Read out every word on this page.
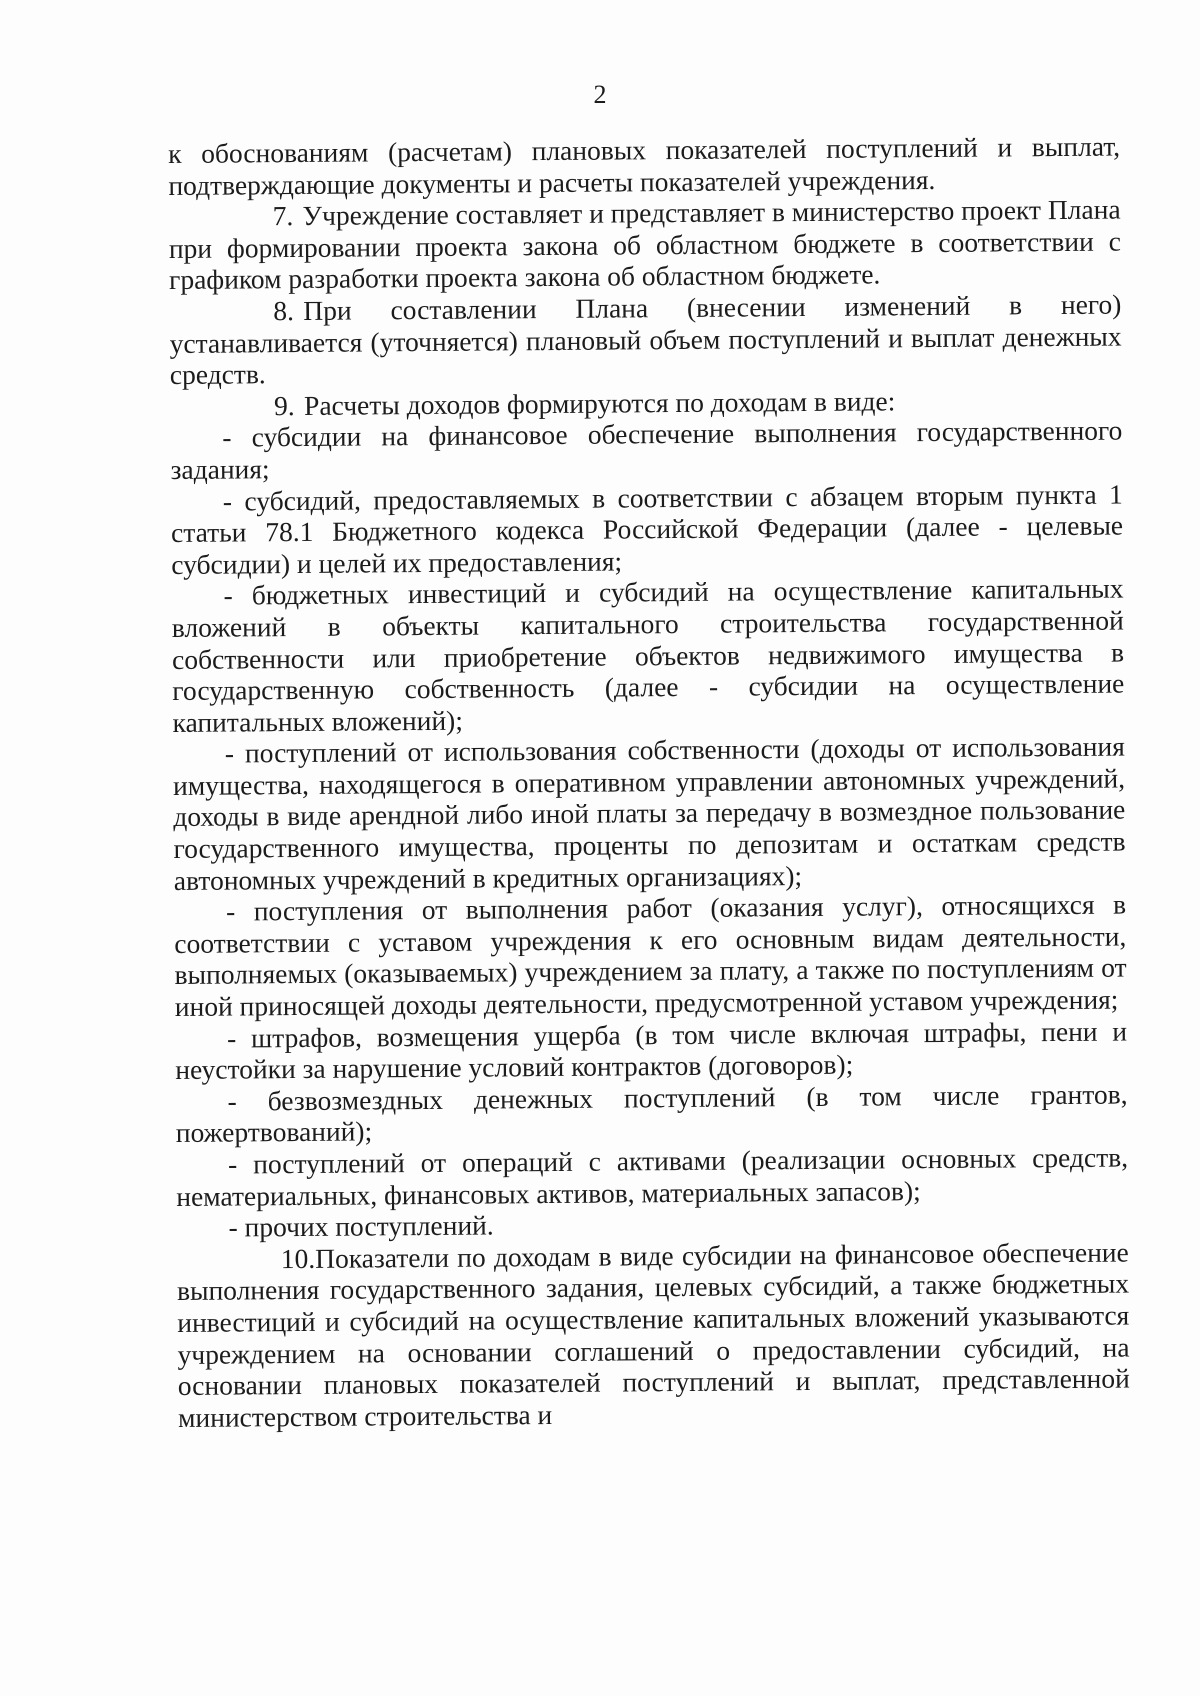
2

к обоснованиям (расчетам) плановых показателей поступлений и выплат, подтверждающие документы и расчеты показателей учреждения.

7. Учреждение составляет и представляет в министерство проект Плана при формировании проекта закона об областном бюджете в соответствии с графиком разработки проекта закона об областном бюджете.

8. При составлении Плана (внесении изменений в него) устанавливается (уточняется) плановый объем поступлений и выплат денежных средств.

9. Расчеты доходов формируются по доходам в виде:

- субсидии на финансовое обеспечение выполнения государственного задания;

- субсидий, предоставляемых в соответствии с абзацем вторым пункта 1 статьи 78.1 Бюджетного кодекса Российской Федерации (далее - целевые субсидии) и целей их предоставления;

- бюджетных инвестиций и субсидий на осуществление капитальных вложений в объекты капитального строительства государственной собственности или приобретение объектов недвижимого имущества в государственную собственность (далее - субсидии на осуществление капитальных вложений);

- поступлений от использования собственности (доходы от использования имущества, находящегося в оперативном управлении автономных учреждений, доходы в виде арендной либо иной платы за передачу в возмездное пользование государственного имущества, проценты по депозитам и остаткам средств автономных учреждений в кредитных организациях);

- поступления от выполнения работ (оказания услуг), относящихся в соответствии с уставом учреждения к его основным видам деятельности, выполняемых (оказываемых) учреждением за плату, а также по поступлениям от иной приносящей доходы деятельности, предусмотренной уставом учреждения;

- штрафов, возмещения ущерба (в том числе включая штрафы, пени и неустойки за нарушение условий контрактов (договоров);

- безвозмездных денежных поступлений (в том числе грантов, пожертвований);

- поступлений от операций с активами (реализации основных средств, нематериальных, финансовых активов, материальных запасов);

- прочих поступлений.

10.Показатели по доходам в виде субсидии на финансовое обеспечение выполнения государственного задания, целевых субсидий, а также бюджетных инвестиций и субсидий на осуществление капитальных вложений указываются учреждением на основании соглашений о предоставлении субсидий, на основании плановых показателей поступлений и выплат, представленной министерством строительства и
